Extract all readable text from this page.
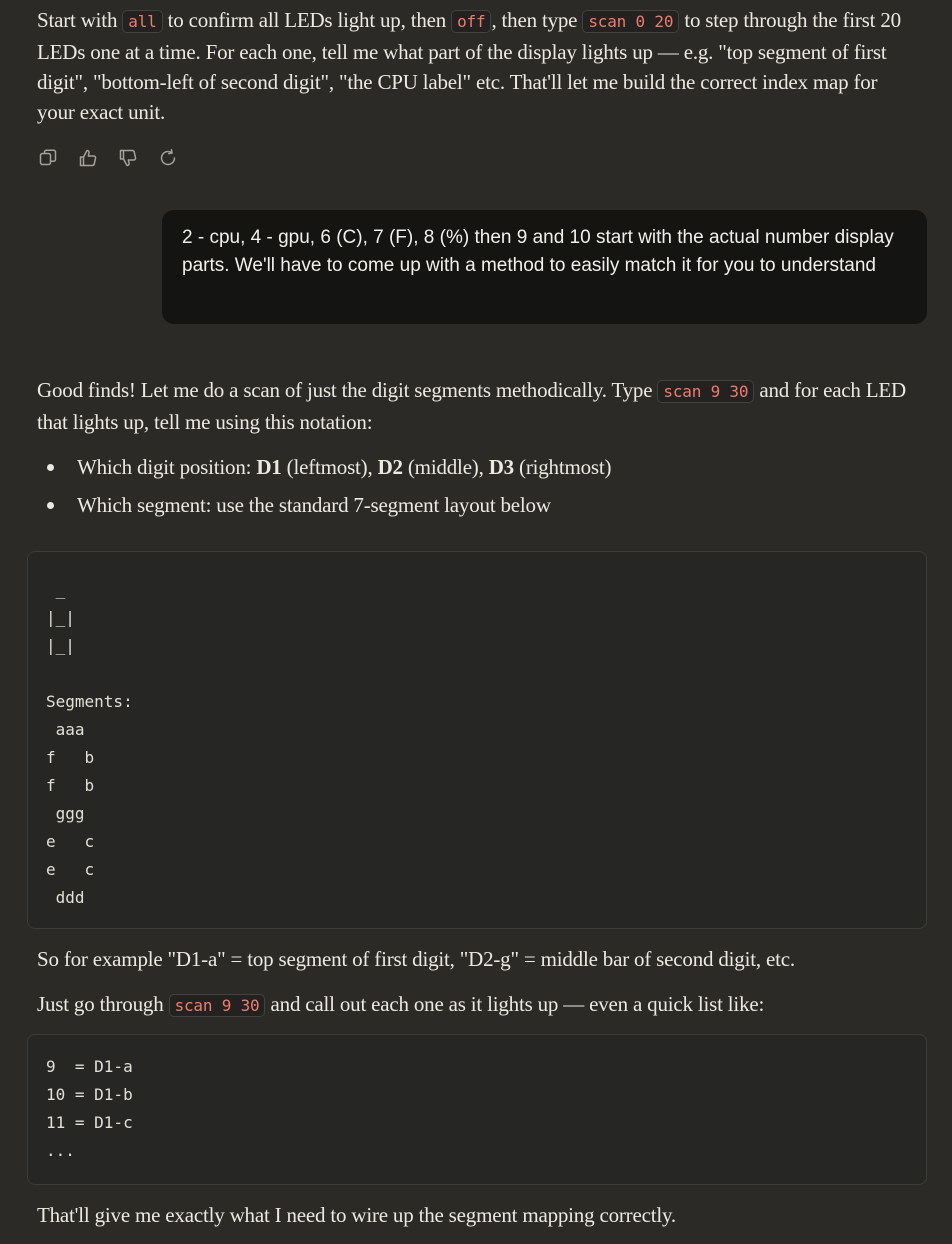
Start with all to confirm all LEDs light up, then off , then type scan 0 20 to step through the first 20 LEDs one at a time. For each one, tell me what part of the display lights up — e.g. "top segment of first digit", "bottom-left of second digit", "the CPU label" etc. That'll let me build the correct index map for your exact unit.

2 - cpu, 4 - gpu, 6 (C), 7 (F), 8 (%) then 9 and 10 start with the actual number display parts. We'll have to come up with a method to easily match it for you to understand

Good finds! Let me do a scan of just the digit segments methodically. Type scan 9 30 and for each LED that lights up, tell me using this notation:

Which digit position: D1 (leftmost), D2 (middle), D3 (rightmost)
Which segment: use the standard 7-segment layout below
_
|_|
|_|

Segments:
aaa
f   b
f   b
ggg
e   c
e   c
ddd

So for example "D1-a" = top segment of first digit, "D2-g" = middle bar of second digit, etc.

Just go through scan 9 30 and call out each one as it lights up — even a quick list like:

9  = D1-a
10 = D1-b
11 = D1-c
...

That'll give me exactly what I need to wire up the segment mapping correctly.
